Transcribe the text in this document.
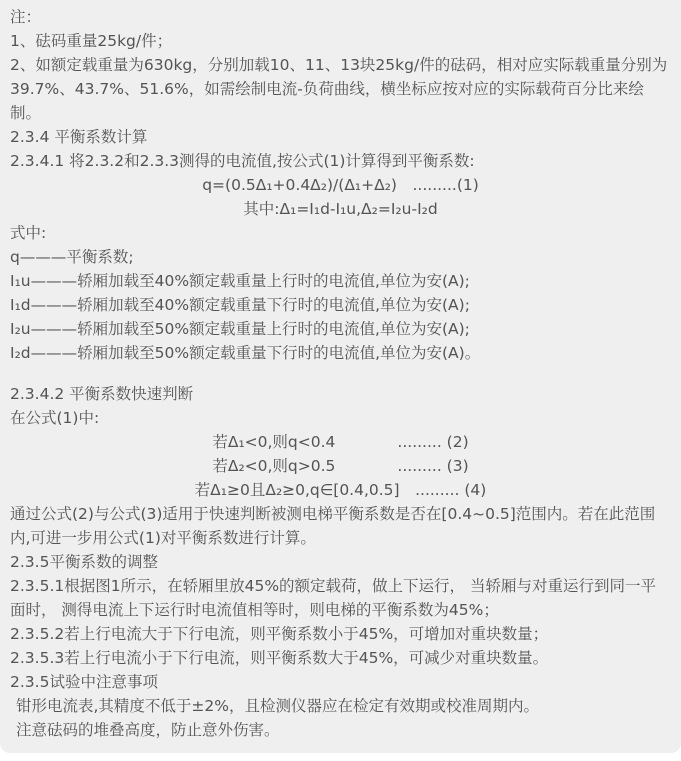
注：
1、砝码重量25kg/件；
2、如额定载重量为630kg，分别加载10、11、13块25kg/件的砝码，相对应实际载重量分别为39.7%、43.7%、51.6%，如需绘制电流-负荷曲线，横坐标应按对应的实际载荷百分比来绘制。
2.3.4 平衡系数计算
2.3.4.1 将2.3.2和2.3.3测得的电流值,按公式(1)计算得到平衡系数:
q=(0.5Δ₁+0.4Δ₂)/(Δ₁+Δ₂)　.........(1)
其中:Δ₁=I₁d-I₁u,Δ₂=I₂u-I₂d
式中:
q———平衡系数;
I₁u———轿厢加载至40%额定载重量上行时的电流值,单位为安(A);
I₁d———轿厢加载至40%额定载重量下行时的电流值,单位为安(A);
I₂u———轿厢加载至50%额定载重量上行时的电流值,单位为安(A);
I₂d———轿厢加载至50%额定载重量下行时的电流值,单位为安(A)。
2.3.4.2 平衡系数快速判断
在公式(1)中:
若Δ₁<0,则q<0.4　　　　......... (2)
若Δ₂<0,则q>0.5　　　　......... (3)
若Δ₁≥0且Δ₂≥0,q∈[0.4,0.5]　......... (4)
通过公式(2)与公式(3)适用于快速判断被测电梯平衡系数是否在[0.4~0.5]范围内。若在此范围内,可进一步用公式(1)对平衡系数进行计算。
2.3.5平衡系数的调整
2.3.5.1根据图1所示，在轿厢里放45%的额定载荷，做上下运行， 当轿厢与对重运行到同一平面时， 测得电流上下运行时电流值相等时，则电梯的平衡系数为45%；
2.3.5.2若上行电流大于下行电流，则平衡系数小于45%，可增加对重块数量；
2.3.5.3若上行电流小于下行电流，则平衡系数大于45%，可减少对重块数量。
2.3.5试验中注意事项
钳形电流表,其精度不低于±2%，且检测仪器应在检定有效期或校准周期内。
注意砝码的堆叠高度，防止意外伤害。
